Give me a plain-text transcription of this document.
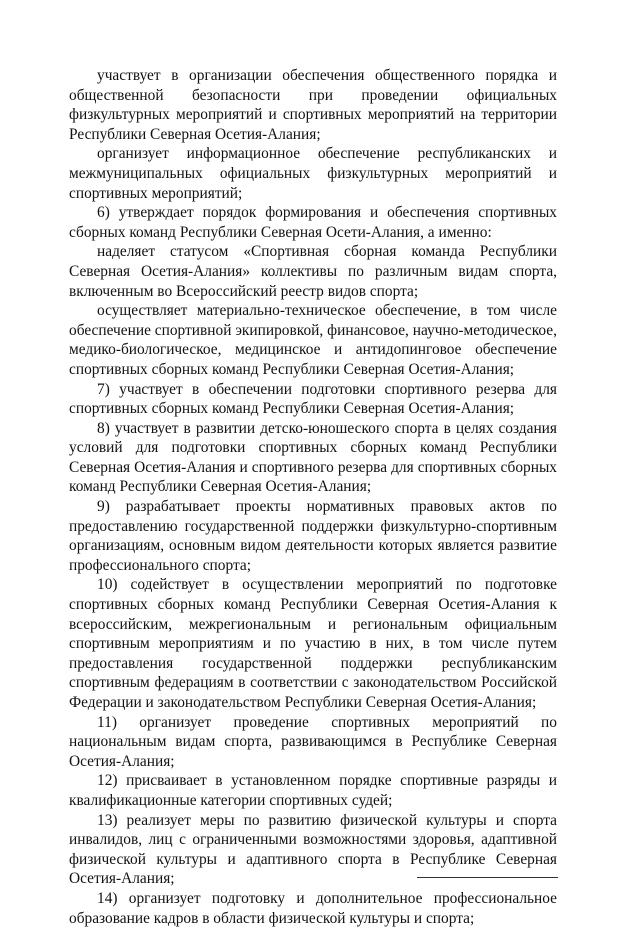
участвует в организации обеспечения общественного порядка и общественной безопасности при проведении официальных физкультурных мероприятий и спортивных мероприятий на территории Республики Северная Осетия-Алания;

организует информационное обеспечение республиканских и межмуниципальных официальных физкультурных мероприятий и спортивных мероприятий;

6) утверждает порядок формирования и обеспечения спортивных сборных команд Республики Северная Осети-Алания, а именно:

наделяет статусом «Спортивная сборная команда Республики Северная Осетия-Алания» коллективы по различным видам спорта, включенным во Всероссийский реестр видов спорта;

осуществляет материально-техническое обеспечение, в том числе обеспечение спортивной экипировкой, финансовое, научно-методическое, медико-биологическое, медицинское и антидопинговое обеспечение спортивных сборных команд Республики Северная Осетия-Алания;

7) участвует в обеспечении подготовки спортивного резерва для спортивных сборных команд Республики Северная Осетия-Алания;

8) участвует в развитии детско-юношеского спорта в целях создания условий для подготовки спортивных сборных команд Республики Северная Осетия-Алания и спортивного резерва для спортивных сборных команд Республики Северная Осетия-Алания;

9) разрабатывает проекты нормативных правовых актов по предоставлению государственной поддержки физкультурно-спортивным организациям, основным видом деятельности которых является развитие профессионального спорта;

10) содействует в осуществлении мероприятий по подготовке спортивных сборных команд Республики Северная Осетия-Алания к всероссийским, межрегиональным и региональным официальным спортивным мероприятиям и по участию в них, в том числе путем предоставления государственной поддержки республиканским спортивным федерациям в соответствии с законодательством Российской Федерации и законодательством Республики Северная Осетия-Алания;

11) организует проведение спортивных мероприятий по национальным видам спорта, развивающимся в Республике Северная Осетия-Алания;

12) присваивает в установленном порядке спортивные разряды и квалификационные категории спортивных судей;

13) реализует меры по развитию физической культуры и спорта инвалидов, лиц с ограниченными возможностями здоровья, адаптивной физической культуры и адаптивного спорта в Республике Северная Осетия-Алания;

14) организует подготовку и дополнительное профессиональное образование кадров в области физической культуры и спорта;
